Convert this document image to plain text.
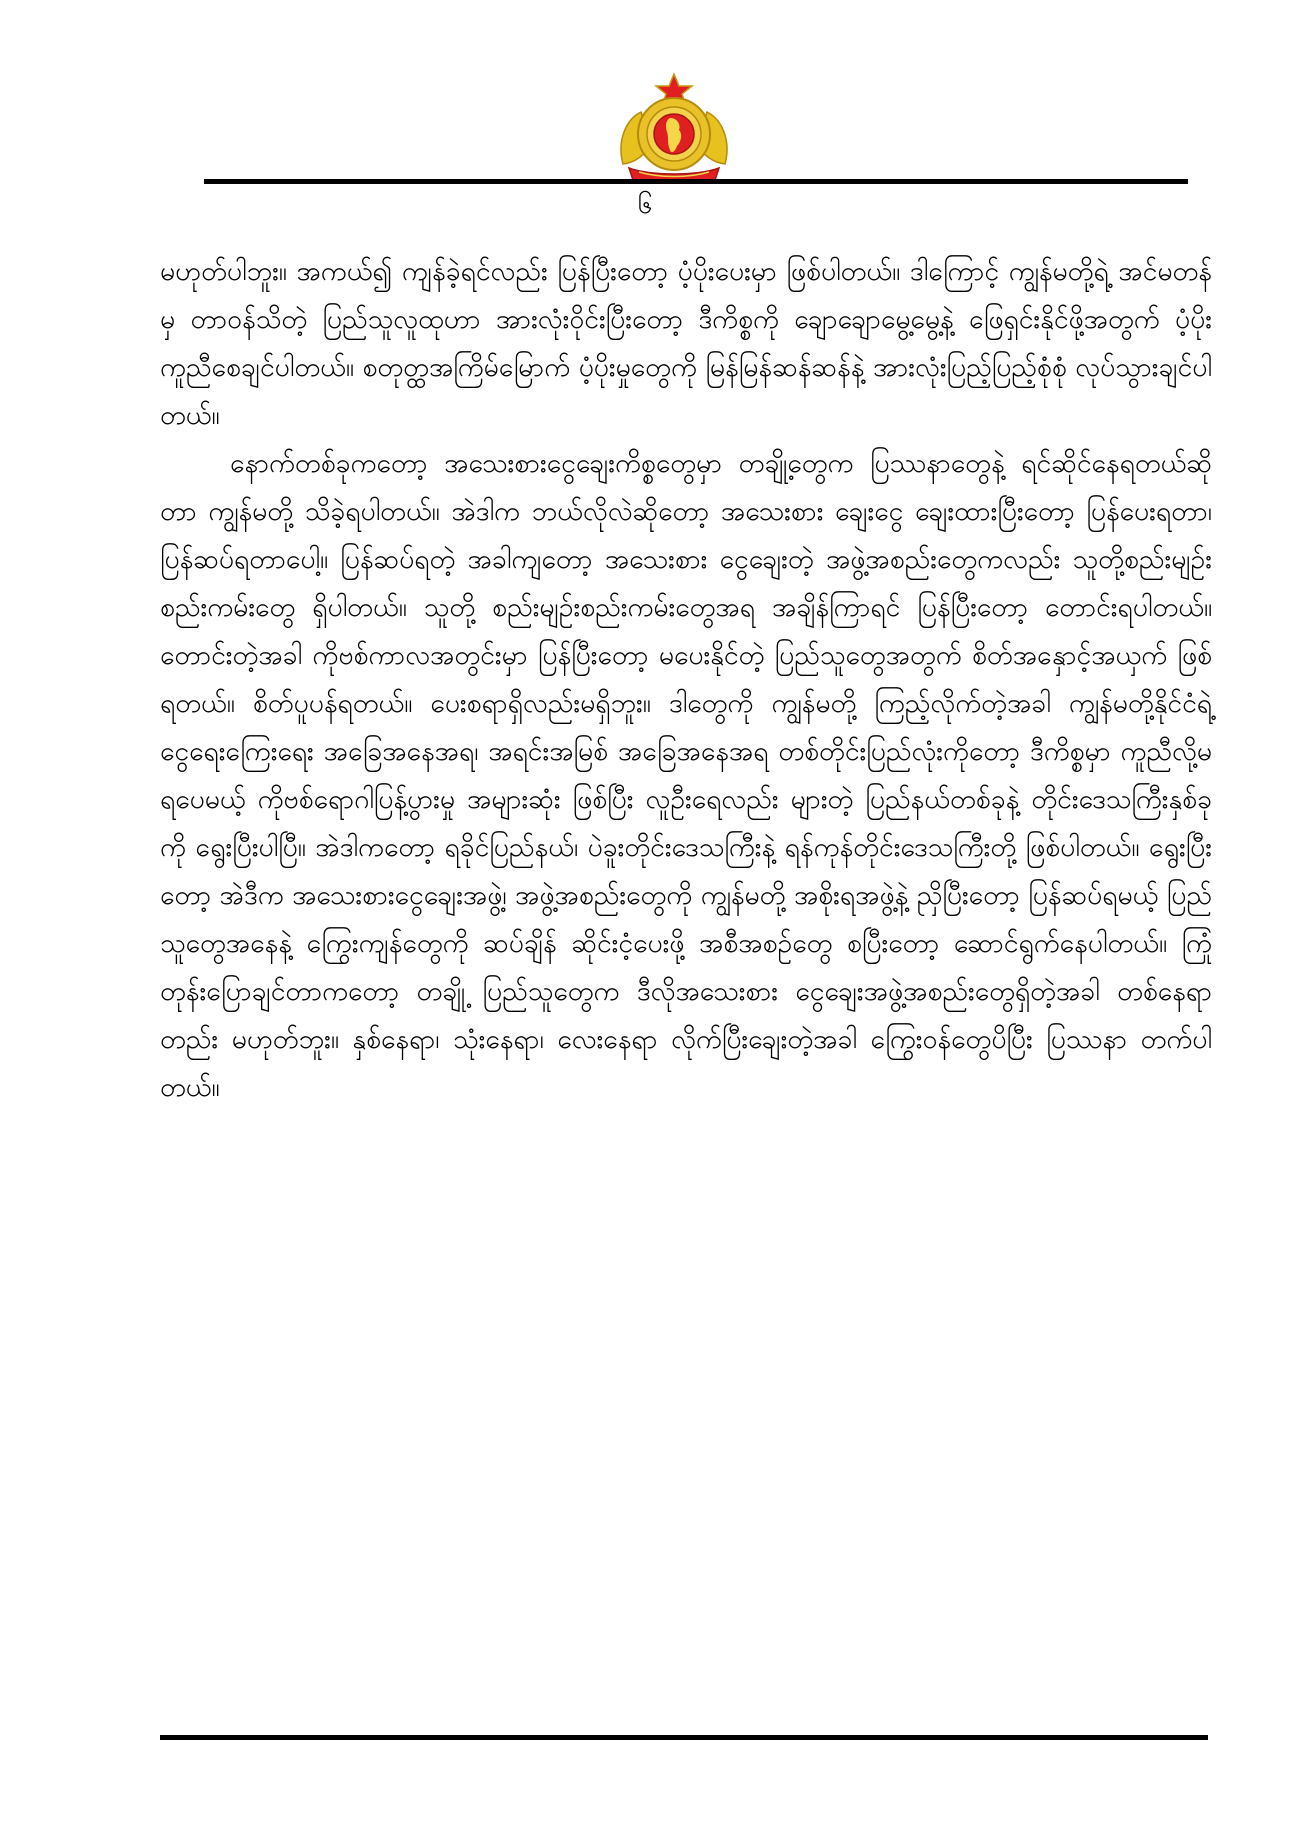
၆

မဟုတ်ပါဘူး။ အကယ်၍ ကျန်ခဲ့ရင်လည်း ပြန်ပြီးတော့ ပံ့ပိုးပေးမှာ ဖြစ်ပါတယ်။ ဒါကြောင့် ကျွန်မတို့ရဲ့ အင်မတန်မှ တာဝန်သိတဲ့ ပြည်သူလူထုဟာ အားလုံးဝိုင်းပြီးတော့ ဒီကိစ္စကို ချောချောမွေ့မွေ့နဲ့ ဖြေရှင်းနိုင်ဖို့အတွက် ပံ့ပိုးကူညီစေချင်ပါတယ်။ စတုတ္ထအကြိမ်မြောက် ပံ့ပိုးမှုတွေကို မြန်မြန်ဆန်ဆန်နဲ့ အားလုံးပြည့်ပြည့်စုံစုံ လုပ်သွားချင်ပါတယ်။

နောက်တစ်ခုကတော့ အသေးစားငွေချေးကိစ္စတွေမှာ တချို့တွေက ပြဿနာတွေနဲ့ ရင်ဆိုင်နေရတယ်ဆိုတာ ကျွန်မတို့ သိခဲ့ရပါတယ်။ အဲဒါက ဘယ်လိုလဲဆိုတော့ အသေးစား ချေးငွေ ချေးထားပြီးတော့ ပြန်ပေးရတာ၊ ပြန်ဆပ်ရတာပေါ့။ ပြန်ဆပ်ရတဲ့ အခါကျတော့ အသေးစား ငွေချေးတဲ့ အဖွဲ့အစည်းတွေကလည်း သူတို့စည်းမျဉ်းစည်းကမ်းတွေ ရှိပါတယ်။ သူတို့ စည်းမျဉ်းစည်းကမ်းတွေအရ အချိန်ကြာရင် ပြန်ပြီးတော့ တောင်းရပါတယ်။ တောင်းတဲ့အခါ ကိုဗစ်ကာလအတွင်းမှာ ပြန်ပြီးတော့ မပေးနိုင်တဲ့ ပြည်သူတွေအတွက် စိတ်အနှောင့်အယှက် ဖြစ်ရတယ်။ စိတ်ပူပန်ရတယ်။ ပေးစရာရှိလည်းမရှိဘူး။ ဒါတွေကို ကျွန်မတို့ ကြည့်လိုက်တဲ့အခါ ကျွန်မတို့နိုင်ငံရဲ့ ငွေရေးကြေးရေး အခြေအနေအရ၊ အရင်းအမြစ် အခြေအနေအရ တစ်တိုင်းပြည်လုံးကိုတော့ ဒီကိစ္စမှာ ကူညီလို့မရပေမယ့် ကိုဗစ်ရောဂါပြန့်ပွားမှု အများဆုံး ဖြစ်ပြီး လူဦးရေလည်း များတဲ့ ပြည်နယ်တစ်ခုနဲ့ တိုင်းဒေသကြီးနှစ်ခုကို ရွေးပြီးပါပြီ။ အဲဒါကတော့ ရခိုင်ပြည်နယ်၊ ပဲခူးတိုင်းဒေသကြီးနဲ့ ရန်ကုန်တိုင်းဒေသကြီးတို့ ဖြစ်ပါတယ်။ ရွေးပြီးတော့ အဲဒီက အသေးစားငွေချေးအဖွဲ့၊ အဖွဲ့အစည်းတွေကို ကျွန်မတို့ အစိုးရအဖွဲ့နဲ့ ညှိပြီးတော့ ပြန်ဆပ်ရမယ့် ပြည်သူတွေအနေနဲ့ ကြွေးကျန်တွေကို ဆပ်ချိန် ဆိုင်းငံ့ပေးဖို့ အစီအစဉ်တွေ စပြီးတော့ ဆောင်ရွက်နေပါတယ်။ ကြုံတုန်းပြောချင်တာကတော့ တချို့ ပြည်သူတွေက ဒီလိုအသေးစား ငွေချေးအဖွဲ့အစည်းတွေရှိတဲ့အခါ တစ်နေရာတည်း မဟုတ်ဘူး။ နှစ်နေရာ၊ သုံးနေရာ၊ လေးနေရာ လိုက်ပြီးချေးတဲ့အခါ ကြွေးဝန်တွေပိပြီး ပြဿနာ တက်ပါတယ်။
